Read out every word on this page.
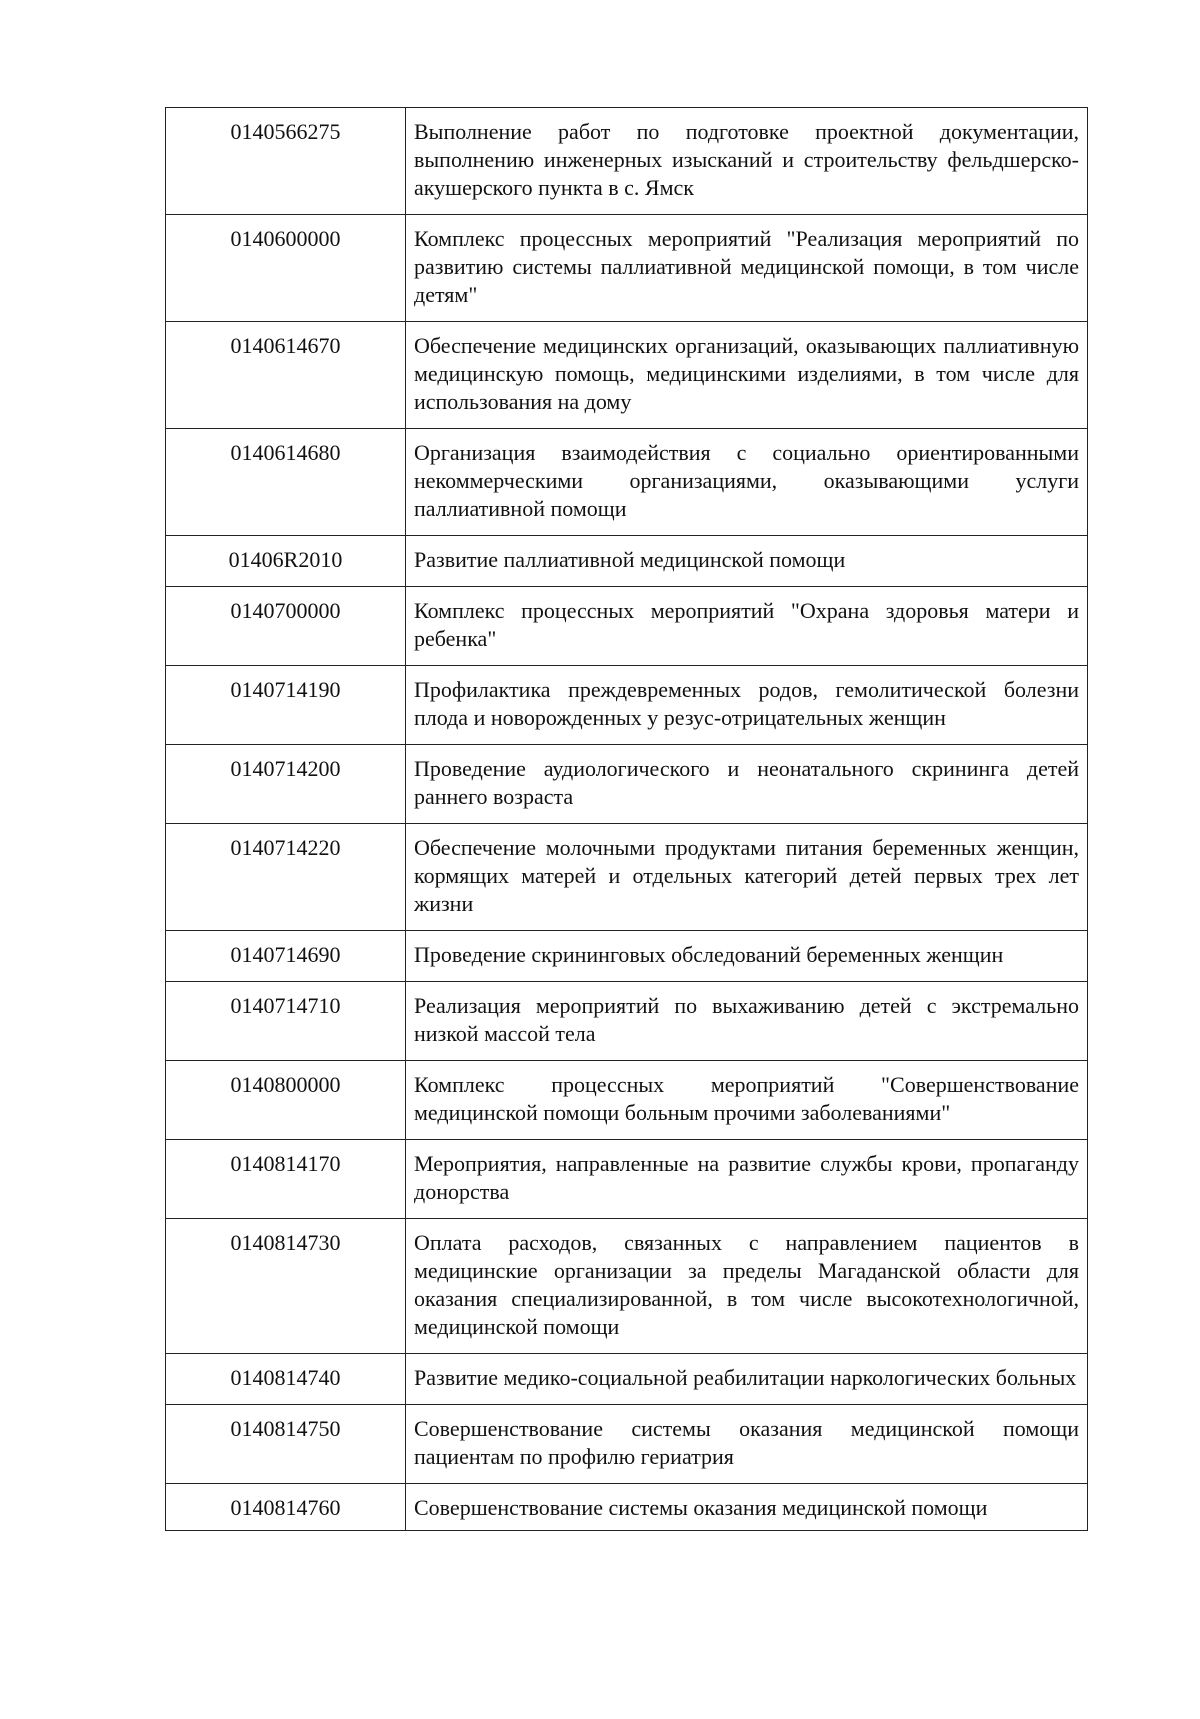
0140566275	Выполнение работ по подготовке проектной документации, выполнению инженерных изысканий и строительству фельдшерско-акушерского пункта в с. Ямск
0140600000	Комплекс процессных мероприятий "Реализация мероприятий по развитию системы паллиативной медицинской помощи, в том числе детям"
0140614670	Обеспечение медицинских организаций, оказывающих паллиативную медицинскую помощь, медицинскими изделиями, в том числе для использования на дому
0140614680	Организация взаимодействия с социально ориентированными некоммерческими организациями, оказывающими услуги паллиативной помощи
01406R2010	Развитие паллиативной медицинской помощи
0140700000	Комплекс процессных мероприятий "Охрана здоровья матери и ребенка"
0140714190	Профилактика преждевременных родов, гемолитической болезни плода и новорожденных у резус-отрицательных женщин
0140714200	Проведение аудиологического и неонатального скрининга детей раннего возраста
0140714220	Обеспечение молочными продуктами питания беременных женщин, кормящих матерей и отдельных категорий детей первых трех лет жизни
0140714690	Проведение скрининговых обследований беременных женщин
0140714710	Реализация мероприятий по выхаживанию детей с экстремально низкой массой тела
0140800000	Комплекс процессных мероприятий "Совершенствование медицинской помощи больным прочими заболеваниями"
0140814170	Мероприятия, направленные на развитие службы крови, пропаганду донорства
0140814730	Оплата расходов, связанных с направлением пациентов в медицинские организации за пределы Магаданской области для оказания специализированной, в том числе высокотехнологичной, медицинской помощи
0140814740	Развитие медико-социальной реабилитации наркологических больных
0140814750	Совершенствование системы оказания медицинской помощи пациентам по профилю гериатрия
0140814760	Совершенствование системы оказания медицинской помощи
